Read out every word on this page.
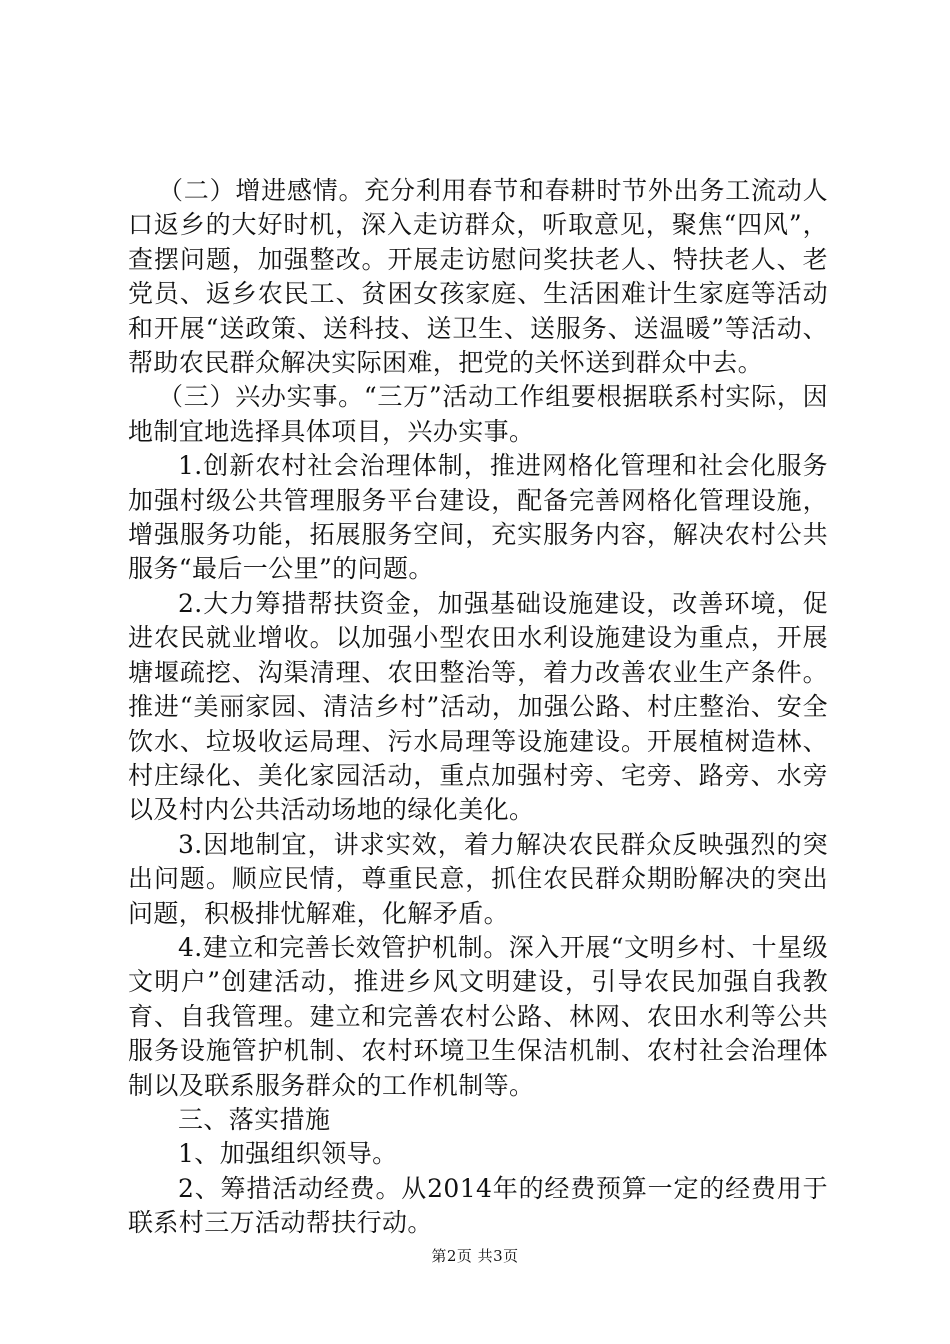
（二）增进感情。充分利用春节和春耕时节外出务工流动人口返乡的大好时机，深入走访群众，听取意见，聚焦“四风”，查摆问题，加强整改。开展走访慰问奖扶老人、特扶老人、老党员、返乡农民工、贫困女孩家庭、生活困难计生家庭等活动和开展“送政策、送科技、送卫生、送服务、送温暖”等活动、帮助农民群众解决实际困难，把党的关怀送到群众中去。

（三）兴办实事。“三万”活动工作组要根据联系村实际，因地制宜地选择具体项目，兴办实事。

1.创新农村社会治理体制，推进网格化管理和社会化服务加强村级公共管理服务平台建设，配备完善网格化管理设施，增强服务功能，拓展服务空间，充实服务内容，解决农村公共服务“最后一公里”的问题。

2.大力筹措帮扶资金，加强基础设施建设，改善环境，促进农民就业增收。以加强小型农田水利设施建设为重点，开展塘堰疏挖、沟渠清理、农田整治等，着力改善农业生产条件。推进“美丽家园、清洁乡村”活动，加强公路、村庄整治、安全饮水、垃圾收运局理、污水局理等设施建设。开展植树造林、村庄绿化、美化家园活动，重点加强村旁、宅旁、路旁、水旁以及村内公共活动场地的绿化美化。

3.因地制宜，讲求实效，着力解决农民群众反映强烈的突出问题。顺应民情，尊重民意，抓住农民群众期盼解决的突出问题，积极排忧解难，化解矛盾。

4.建立和完善长效管护机制。深入开展“文明乡村、十星级文明户”创建活动，推进乡风文明建设，引导农民加强自我教育、自我管理。建立和完善农村公路、林网、农田水利等公共服务设施管护机制、农村环境卫生保洁机制、农村社会治理体制以及联系服务群众的工作机制等。

三、落实措施

1、加强组织领导。

2、筹措活动经费。从2014年的经费预算一定的经费用于联系村三万活动帮扶行动。

第2页 共3页
